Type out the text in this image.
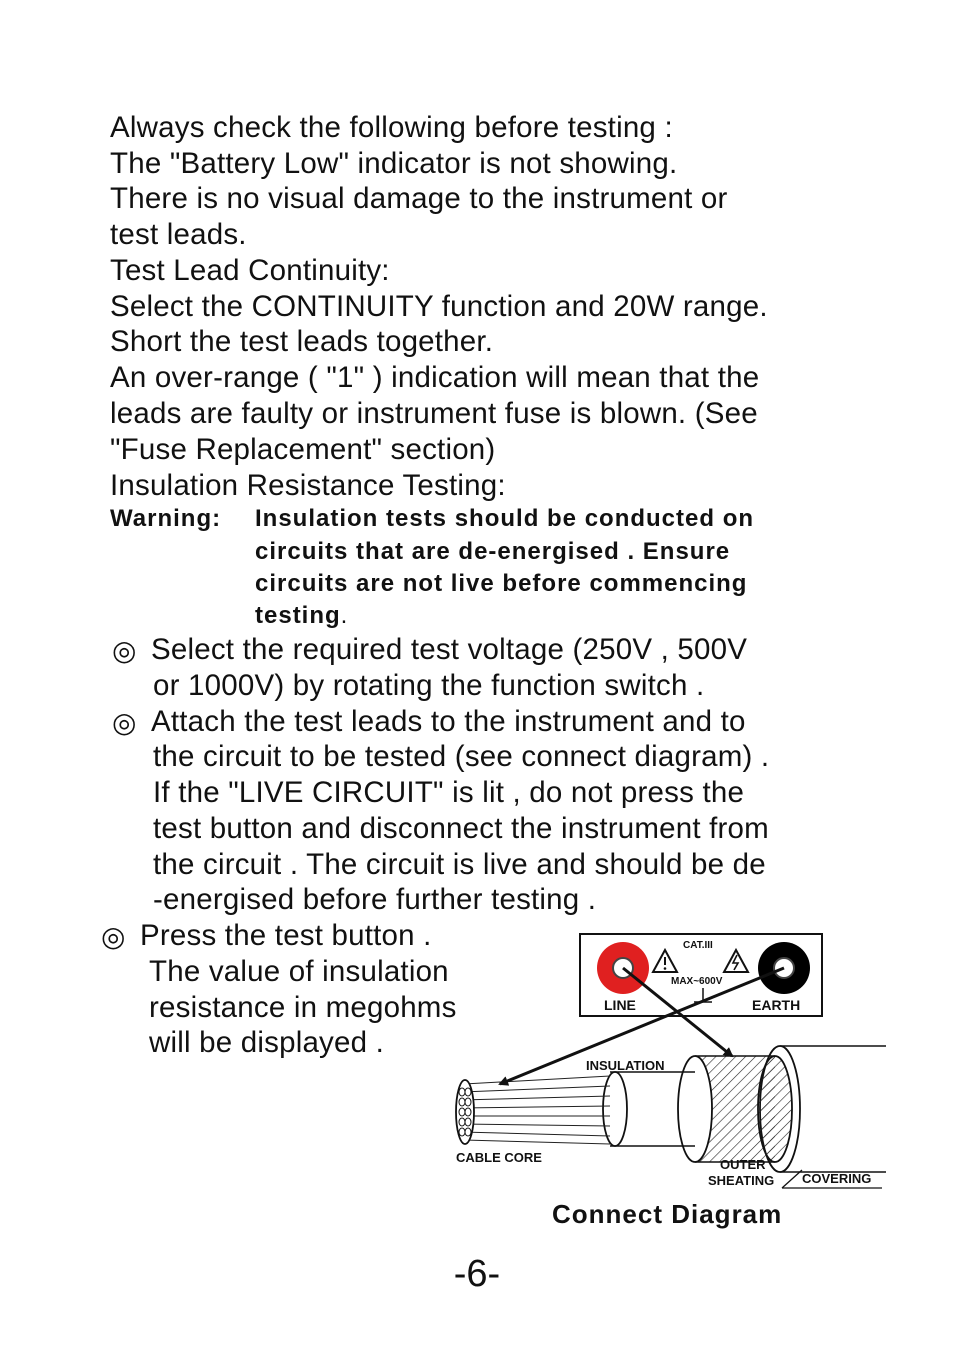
Always check the following before testing :
The "Battery Low" indicator is not showing.
There is no visual damage to the instrument or
test leads.
Test Lead Continuity:
Select the CONTINUITY function and 20W range.
Short the test leads together.
An over-range ( "1" ) indication will mean that the
leads are faulty or instrument fuse is blown. (See
"Fuse Replacement" section)
Insulation Resistance Testing:
Warning: Insulation tests should be conducted on
circuits that are de-energised . Ensure
circuits are not live before commencing
testing.
◎ Select the required test voltage (250V , 500V
or 1000V) by rotating the function switch .
◎ Attach the test leads to the instrument and to
the circuit to be tested (see connect diagram) .
If the "LIVE CIRCUIT" is lit , do not press the
test button and disconnect the instrument from
the circuit . The circuit is live and should be de
-energised before further testing .
◎ Press the test button .
The value of insulation
resistance in megohms
will be displayed .
CAT.III
MAX~600V
LINE	EARTH
INSULATION
CABLE CORE	OUTER
SHEATING COVERING
Connect Diagram
-6-
